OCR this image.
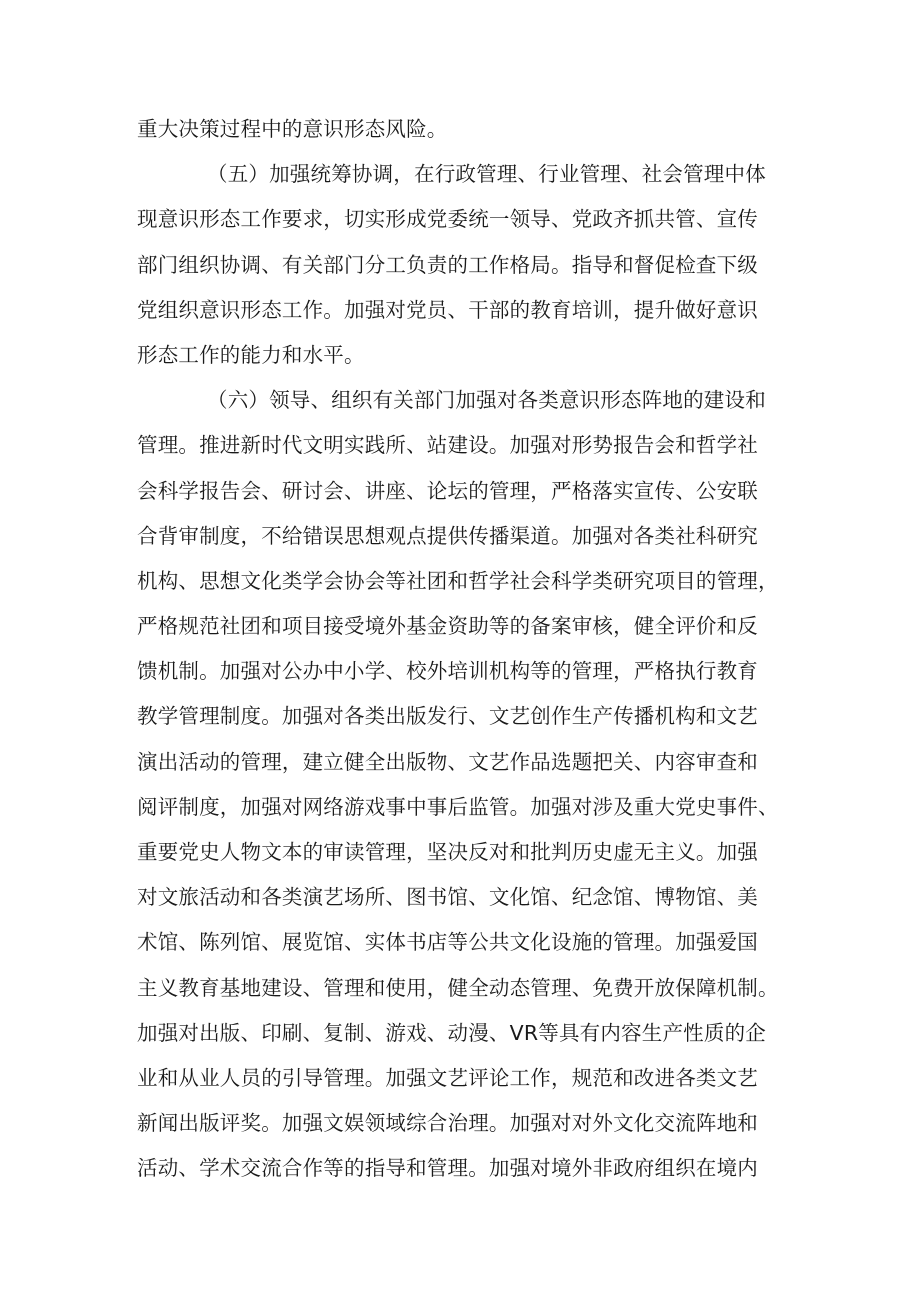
重大决策过程中的意识形态风险。
（五）加强统筹协调，在行政管理、行业管理、社会管理中体
现意识形态工作要求，切实形成党委统一领导、党政齐抓共管、宣传
部门组织协调、有关部门分工负责的工作格局。指导和督促检查下级
党组织意识形态工作。加强对党员、干部的教育培训，提升做好意识
形态工作的能力和水平。
（六）领导、组织有关部门加强对各类意识形态阵地的建设和
管理。推进新时代文明实践所、站建设。加强对形势报告会和哲学社
会科学报告会、研讨会、讲座、论坛的管理，严格落实宣传、公安联
合背审制度，不给错误思想观点提供传播渠道。加强对各类社科研究
机构、思想文化类学会协会等社团和哲学社会科学类研究项目的管理，
严格规范社团和项目接受境外基金资助等的备案审核，健全评价和反
馈机制。加强对公办中小学、校外培训机构等的管理，严格执行教育
教学管理制度。加强对各类出版发行、文艺创作生产传播机构和文艺
演出活动的管理，建立健全出版物、文艺作品选题把关、内容审查和
阅评制度，加强对网络游戏事中事后监管。加强对涉及重大党史事件、
重要党史人物文本的审读管理，坚决反对和批判历史虚无主义。加强
对文旅活动和各类演艺场所、图书馆、文化馆、纪念馆、博物馆、美
术馆、陈列馆、展览馆、实体书店等公共文化设施的管理。加强爱国
主义教育基地建设、管理和使用，健全动态管理、免费开放保障机制。
加强对出版、印刷、复制、游戏、动漫、VR等具有内容生产性质的企
业和从业人员的引导管理。加强文艺评论工作，规范和改进各类文艺
新闻出版评奖。加强文娱领域综合治理。加强对对外文化交流阵地和
活动、学术交流合作等的指导和管理。加强对境外非政府组织在境内
